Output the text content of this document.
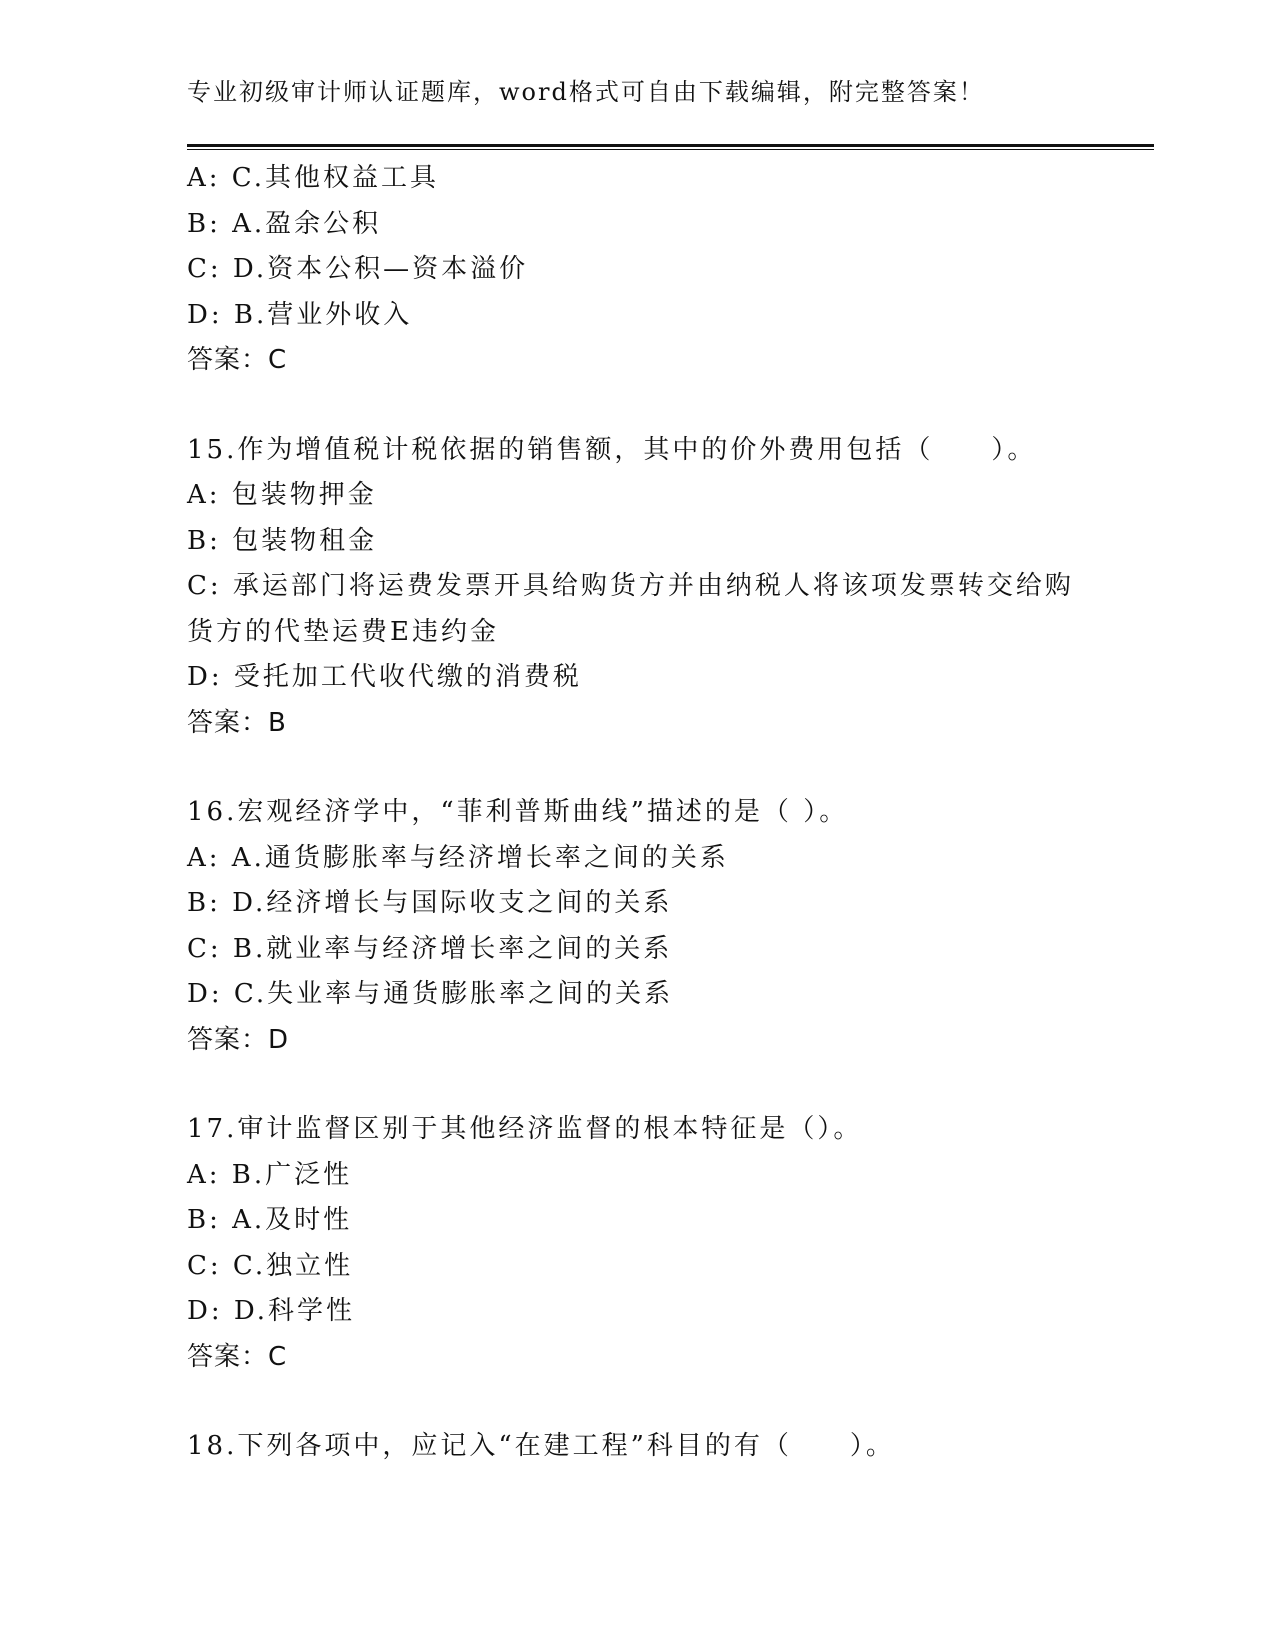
专业初级审计师认证题库，word格式可自由下载编辑，附完整答案！
A: C.其他权益工具
B: A.盈余公积
C: D.资本公积—资本溢价
D: B.营业外收入
答案：C
15.作为增值税计税依据的销售额，其中的价外费用包括（　　）。
A: 包装物押金
B: 包装物租金
C: 承运部门将运费发票开具给购货方并由纳税人将该项发票转交给购货方的代垫运费E违约金
D: 受托加工代收代缴的消费税
答案：B
16.宏观经济学中，“菲利普斯曲线”描述的是（ ）。
A: A.通货膨胀率与经济增长率之间的关系
B: D.经济增长与国际收支之间的关系
C: B.就业率与经济增长率之间的关系
D: C.失业率与通货膨胀率之间的关系
答案：D
17.审计监督区别于其他经济监督的根本特征是（）。
A: B.广泛性
B: A.及时性
C: C.独立性
D: D.科学性
答案：C
18.下列各项中，应记入“在建工程”科目的有（　　）。
